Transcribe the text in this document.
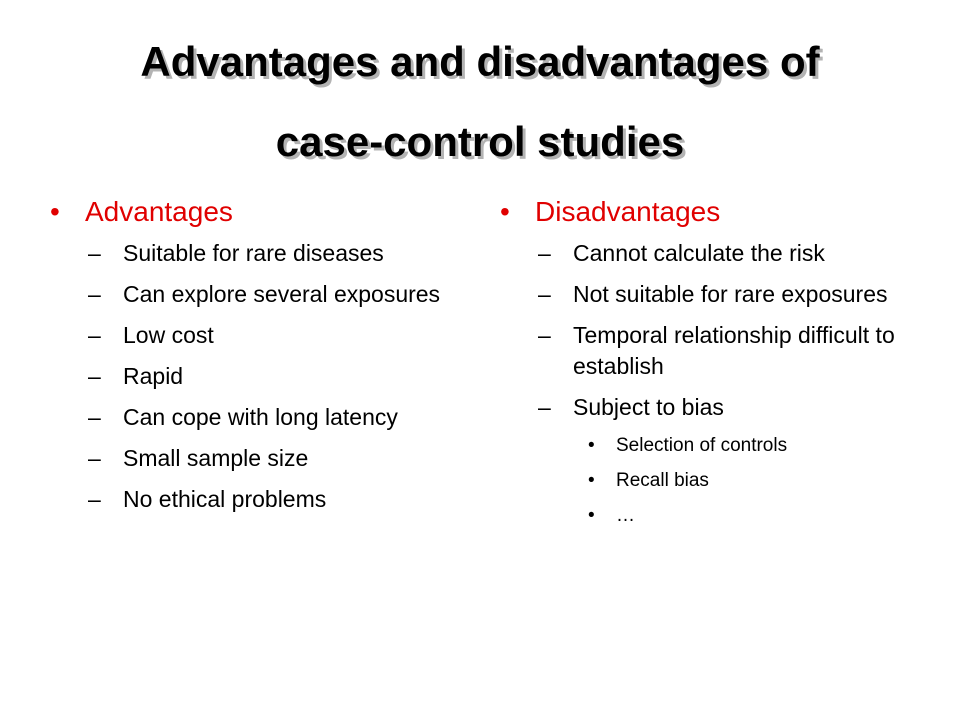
Advantages and disadvantages of
case-control studies
• Advantages
– Suitable for rare diseases
– Can explore several exposures
– Low cost
– Rapid
– Can cope with long latency
– Small sample size
– No ethical problems
• Disadvantages
– Cannot calculate the risk
– Not suitable for rare exposures
– Temporal relationship difficult to establish
– Subject to bias
• Selection of controls
• Recall bias
• …
